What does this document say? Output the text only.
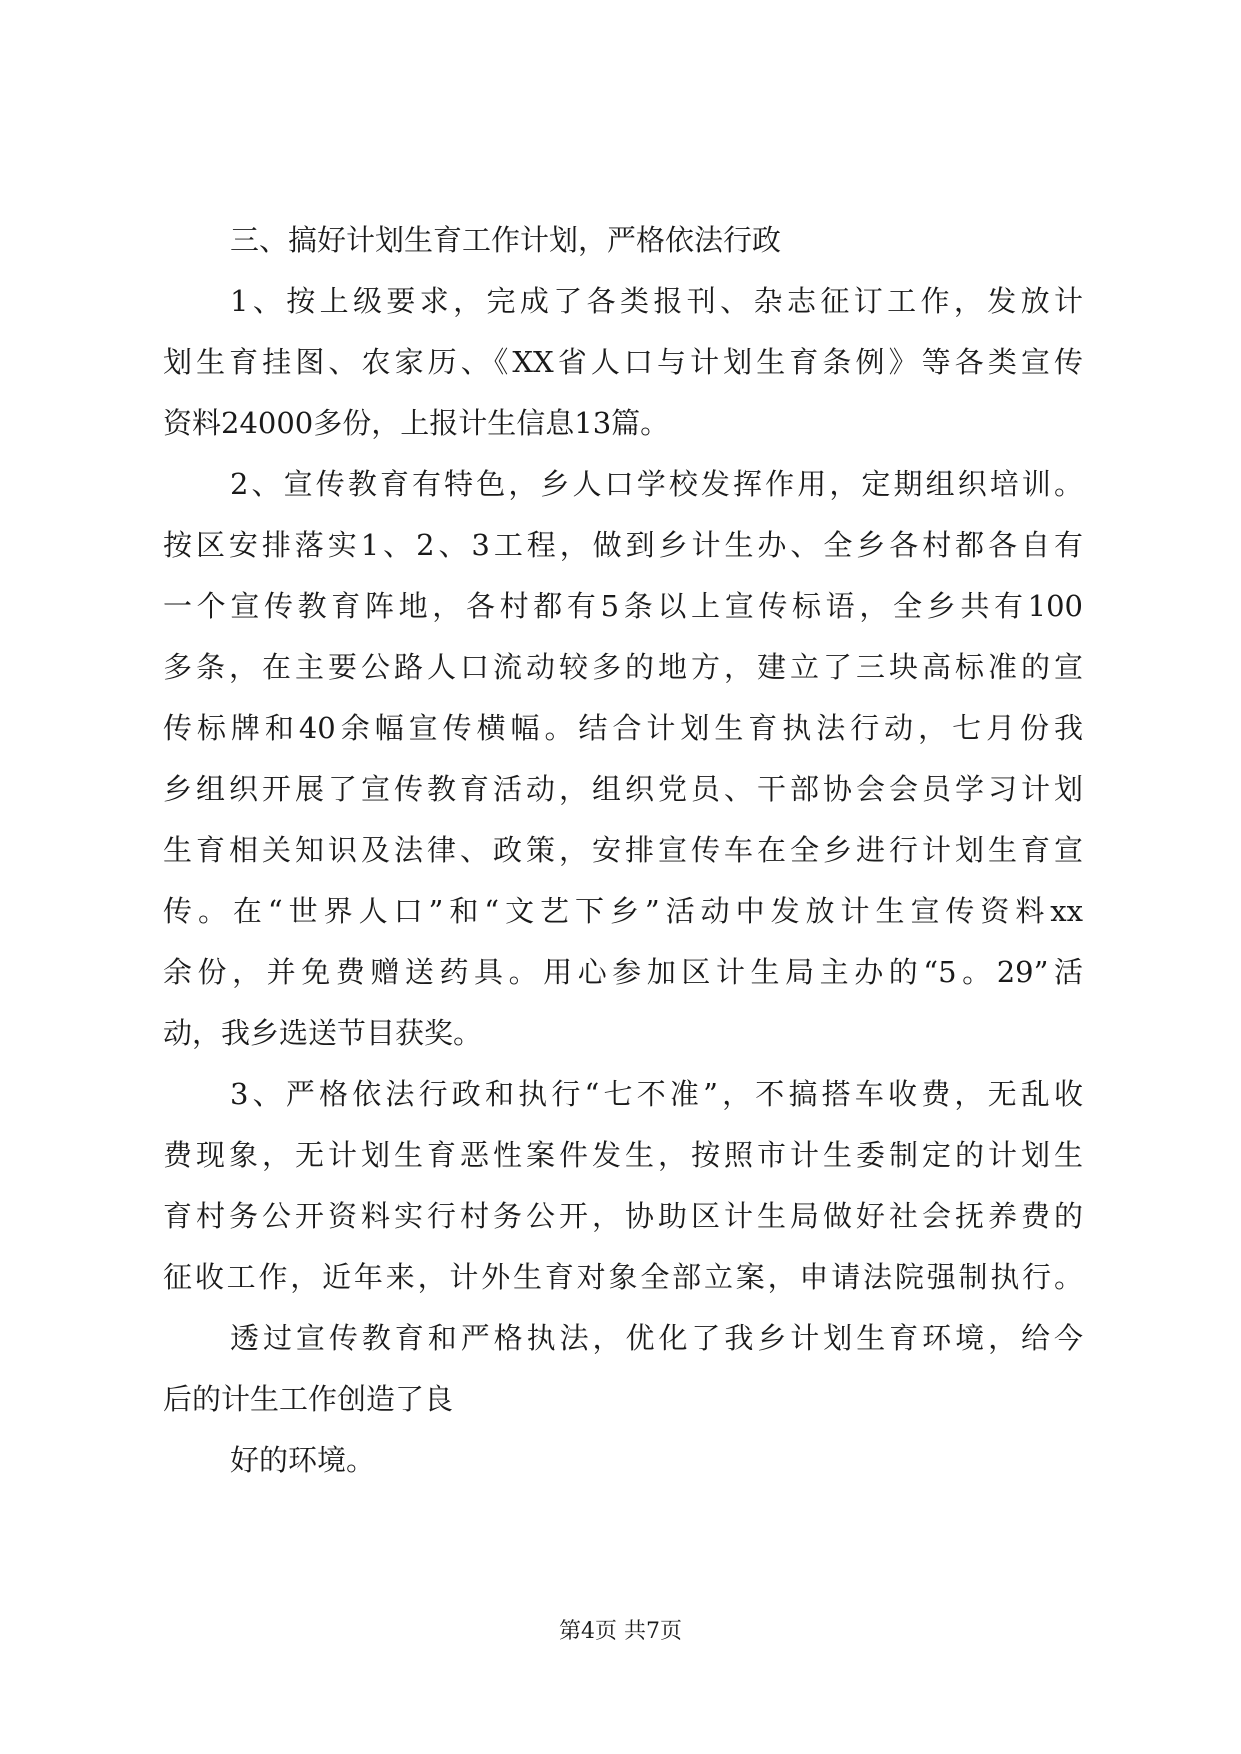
三、搞好计划生育工作计划，严格依法行政
1、按上级要求，完成了各类报刊、杂志征订工作，发放计
划生育挂图、农家历、《XX省人口与计划生育条例》等各类宣传
资料24000多份，上报计生信息13篇。
2、宣传教育有特色，乡人口学校发挥作用，定期组织培训。
按区安排落实1、2、3工程，做到乡计生办、全乡各村都各自有
一个宣传教育阵地，各村都有5条以上宣传标语，全乡共有100
多条，在主要公路人口流动较多的地方，建立了三块高标准的宣
传标牌和40余幅宣传横幅。结合计划生育执法行动，七月份我
乡组织开展了宣传教育活动，组织党员、干部协会会员学习计划
生育相关知识及法律、政策，安排宣传车在全乡进行计划生育宣
传。在“世界人口”和“文艺下乡”活动中发放计生宣传资料xx
余份，并免费赠送药具。用心参加区计生局主办的“5。29”活
动，我乡选送节目获奖。
3、严格依法行政和执行“七不准”，不搞搭车收费，无乱收
费现象，无计划生育恶性案件发生，按照市计生委制定的计划生
育村务公开资料实行村务公开，协助区计生局做好社会抚养费的
征收工作，近年来，计外生育对象全部立案，申请法院强制执行。
透过宣传教育和严格执法，优化了我乡计划生育环境，给今
后的计生工作创造了良
好的环境。
第4页 共7页
